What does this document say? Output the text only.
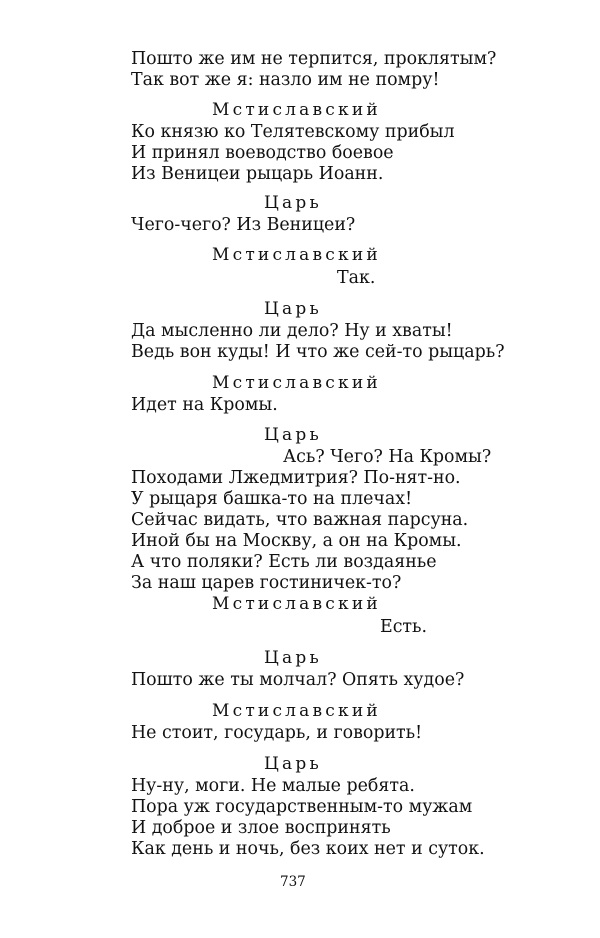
Пошто же им не терпится, проклятым?

Так вот же я: назло им не помру!

Мстиславский

Ко князю ко Телятевскому прибыл

И принял воеводство боевое

Из Веницеи рыцарь Иоанн.

Царь

Чего-чего? Из Веницеи?

Мстиславский

Так.

Царь

Да мысленно ли дело? Ну и хваты!

Ведь вон куды! И что же сей-то рыцарь?

Мстиславский

Идет на Кромы.

Царь

Ась? Чего? На Кромы?

Походами Лжедмитрия? По-нят-но.

У рыцаря башка-то на плечах!

Сейчас видать, что важная парсуна.

Иной бы на Москву, а он на Кромы.

А что поляки? Есть ли воздаянье

За наш царев гостиничек-то?

Мстиславский

Есть.

Царь

Пошто же ты молчал? Опять худое?

Мстиславский

Не стоит, государь, и говорить!

Царь

Ну-ну, моги. Не малые ребята.

Пора уж государственным-то мужам

И доброе и злое воспринять

Как день и ночь, без коих нет и суток.

737
